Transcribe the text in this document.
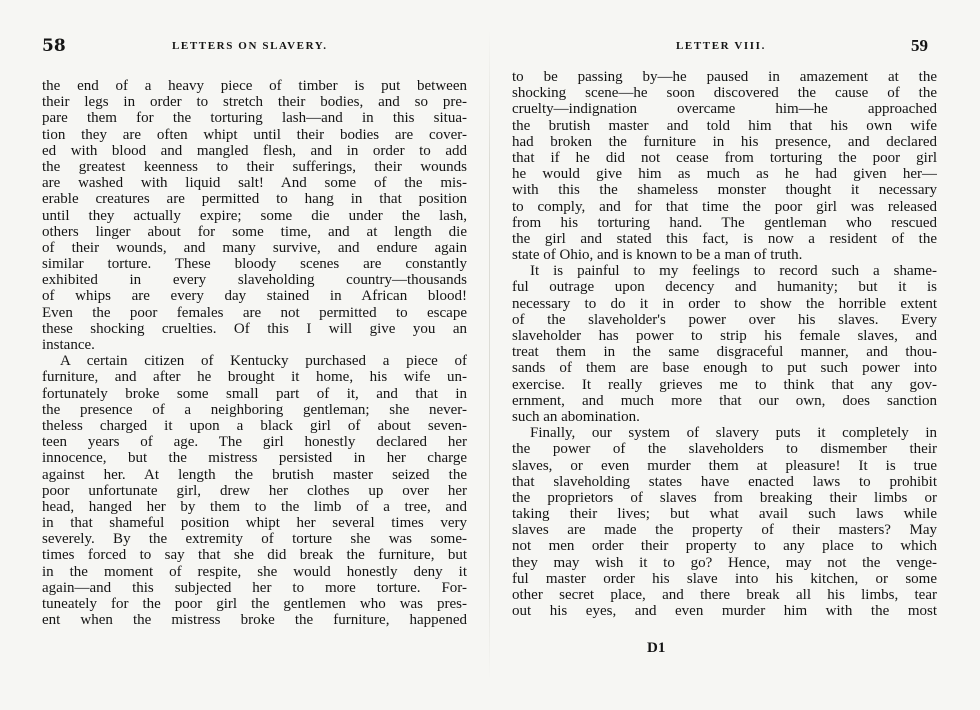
58	LETTERS ON SLAVERY.
the end of a heavy piece of timber is put between
their legs in order to stretch their bodies, and so pre-
pare them for the torturing lash—and in this situa-
tion they are often whipt until their bodies are cover-
ed with blood and mangled flesh, and in order to add
the greatest keenness to their sufferings, their wounds
are washed with liquid salt! And some of the mis-
erable creatures are permitted to hang in that position
until they actually expire; some die under the lash,
others linger about for some time, and at length die
of their wounds, and many survive, and endure again
similar torture. These bloody scenes are constantly
exhibited in every slaveholding country—thousands
of whips are every day stained in African blood!
Even the poor females are not permitted to escape
these shocking cruelties. Of this I will give you an
instance.
A certain citizen of Kentucky purchased a piece of
furniture, and after he brought it home, his wife un-
fortunately broke some small part of it, and that in
the presence of a neighboring gentleman; she never-
theless charged it upon a black girl of about seven-
teen years of age. The girl honestly declared her
innocence, but the mistress persisted in her charge
against her. At length the brutish master seized the
poor unfortunate girl, drew her clothes up over her
head, hanged her by them to the limb of a tree, and
in that shameful position whipt her several times very
severely. By the extremity of torture she was some-
times forced to say that she did break the furniture, but
in the moment of respite, she would honestly deny it
again—and this subjected her to more torture. For-
tuneately for the poor girl the gentlemen who was pres-
ent when the mistress broke the furniture, happened
LETTER VIII.	59
to be passing by—he paused in amazement at the
shocking scene—he soon discovered the cause of the
cruelty—indignation overcame him—he approached
the brutish master and told him that his own wife
had broken the furniture in his presence, and declared
that if he did not cease from torturing the poor girl
he would give him as much as he had given her—
with this the shameless monster thought it necessary
to comply, and for that time the poor girl was released
from his torturing hand. The gentleman who rescued
the girl and stated this fact, is now a resident of the
state of Ohio, and is known to be a man of truth.
It is painful to my feelings to record such a shame-
ful outrage upon decency and humanity; but it is
necessary to do it in order to show the horrible extent
of the slaveholder's power over his slaves. Every
slaveholder has power to strip his female slaves, and
treat them in the same disgraceful manner, and thou-
sands of them are base enough to put such power into
exercise. It really grieves me to think that any gov-
ernment, and much more that our own, does sanction
such an abomination.
Finally, our system of slavery puts it completely in
the power of the slaveholders to dismember their
slaves, or even murder them at pleasure! It is true
that slaveholding states have enacted laws to prohibit
the proprietors of slaves from breaking their limbs or
taking their lives; but what avail such laws while
slaves are made the property of their masters? May
not men order their property to any place to which
they may wish it to go? Hence, may not the venge-
ful master order his slave into his kitchen, or some
other secret place, and there break all his limbs, tear
out his eyes, and even murder him with the most
D1
